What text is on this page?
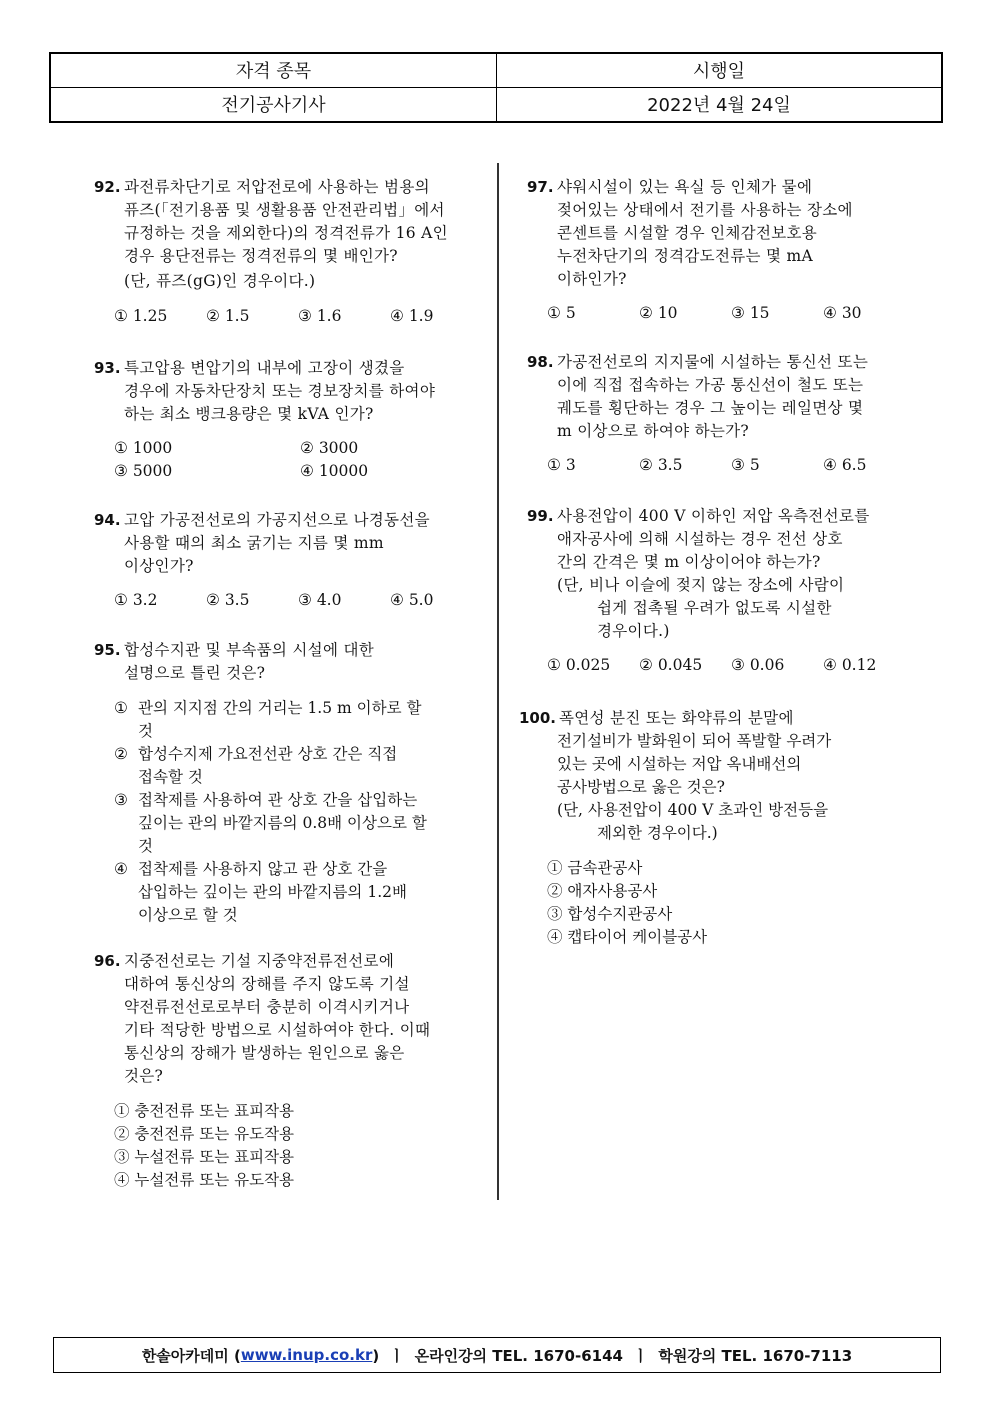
자격 종목	시행일
전기공사기사	2022년 4월 24일
92. 과전류차단기로 저압전로에 사용하는 범용의
퓨즈(「전기용품 및 생활용품 안전관리법」에서
규정하는 것을 제외한다)의 정격전류가 16 A인
경우 용단전류는 정격전류의 몇 배인가?
(단, 퓨즈(gG)인 경우이다.)
① 1.25	② 1.5	③ 1.6	④ 1.9
93. 특고압용 변압기의 내부에 고장이 생겼을
경우에 자동차단장치 또는 경보장치를 하여야
하는 최소 뱅크용량은 몇 kVA 인가?
① 1000	② 3000
③ 5000	④ 10000
94. 고압 가공전선로의 가공지선으로 나경동선을
사용할 때의 최소 굵기는 지름 몇 mm
이상인가?
① 3.2	② 3.5	③ 4.0	④ 5.0
95. 합성수지관 및 부속품의 시설에 대한
설명으로 틀린 것은?
① 관의 지지점 간의 거리는 1.5 m 이하로 할
것
② 합성수지제 가요전선관 상호 간은 직접
접속할 것
③ 접착제를 사용하여 관 상호 간을 삽입하는
깊이는 관의 바깥지름의 0.8배 이상으로 할
것
④ 접착제를 사용하지 않고 관 상호 간을
삽입하는 깊이는 관의 바깥지름의 1.2배
이상으로 할 것
96. 지중전선로는 기설 지중약전류전선로에
대하여 통신상의 장해를 주지 않도록 기설
약전류전선로로부터 충분히 이격시키거나
기타 적당한 방법으로 시설하여야 한다. 이때
통신상의 장해가 발생하는 원인으로 옳은
것은?
① 충전전류 또는 표피작용
② 충전전류 또는 유도작용
③ 누설전류 또는 표피작용
④ 누설전류 또는 유도작용
97. 샤워시설이 있는 욕실 등 인체가 물에
젖어있는 상태에서 전기를 사용하는 장소에
콘센트를 시설할 경우 인체감전보호용
누전차단기의 정격감도전류는 몇 mA
이하인가?
① 5	② 10	③ 15	④ 30
98. 가공전선로의 지지물에 시설하는 통신선 또는
이에 직접 접속하는 가공 통신선이 철도 또는
궤도를 횡단하는 경우 그 높이는 레일면상 몇
m 이상으로 하여야 하는가?
① 3	② 3.5	③ 5	④ 6.5
99. 사용전압이 400 V 이하인 저압 옥측전선로를
애자공사에 의해 시설하는 경우 전선 상호
간의 간격은 몇 m 이상이어야 하는가?
(단, 비나 이슬에 젖지 않는 장소에 사람이
쉽게 접촉될 우려가 없도록 시설한
경우이다.)
① 0.025	② 0.045	③ 0.06	④ 0.12
100. 폭연성 분진 또는 화약류의 분말에
전기설비가 발화원이 되어 폭발할 우려가
있는 곳에 시설하는 저압 옥내배선의
공사방법으로 옳은 것은?
(단, 사용전압이 400 V 초과인 방전등을
제외한 경우이다.)
① 금속관공사
② 애자사용공사
③ 합성수지관공사
④ 캡타이어 케이블공사
한솔아카데미 ( www.inup.co.kr )  ㅣ  온라인강의 TEL. 1670-6144  ㅣ  학원강의 TEL. 1670-7113
